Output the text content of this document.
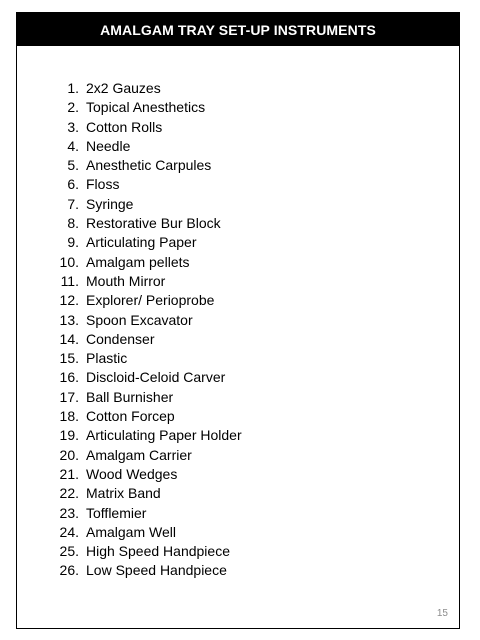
AMALGAM TRAY SET-UP INSTRUMENTS
1. 2x2 Gauzes
2. Topical Anesthetics
3. Cotton Rolls
4. Needle
5. Anesthetic Carpules
6. Floss
7. Syringe
8. Restorative Bur Block
9. Articulating Paper
10. Amalgam pellets
11. Mouth Mirror
12. Explorer/ Perioprobe
13. Spoon Excavator
14. Condenser
15. Plastic
16. Discloid-Celoid Carver
17. Ball Burnisher
18. Cotton Forcep
19. Articulating Paper Holder
20. Amalgam Carrier
21. Wood Wedges
22. Matrix Band
23. Tofflemier
24. Amalgam Well
25. High Speed Handpiece
26. Low Speed Handpiece
15
